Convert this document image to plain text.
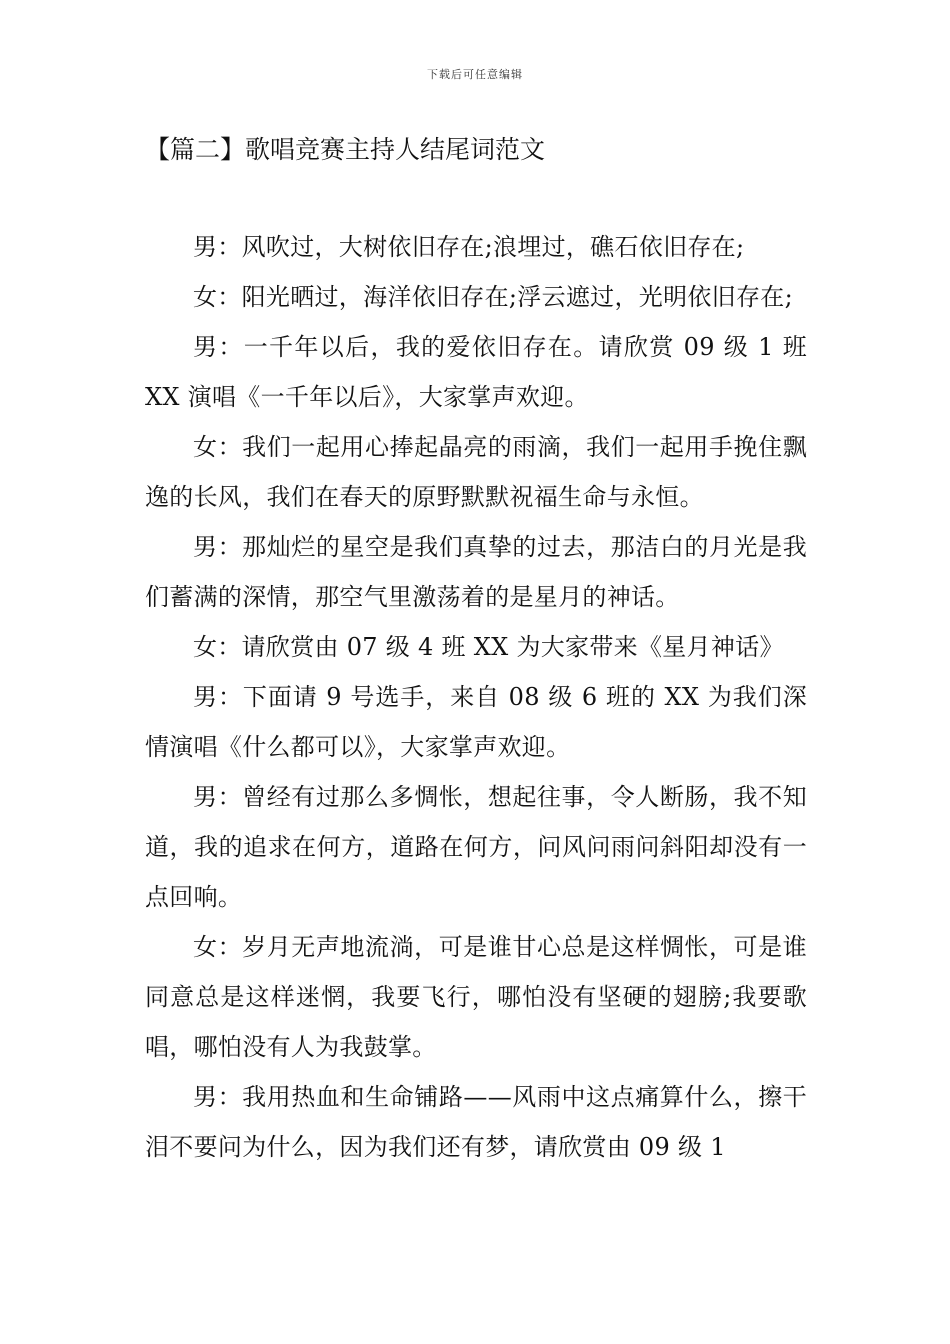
下载后可任意编辑
【篇二】歌唱竞赛主持人结尾词范文

男：风吹过，大树依旧存在;浪埋过，礁石依旧存在;

女：阳光晒过，海洋依旧存在;浮云遮过，光明依旧存在;

男：一千年以后，我的爱依旧存在。请欣赏 09 级 1 班 XX 演唱《一千年以后》，大家掌声欢迎。

女：我们一起用心捧起晶亮的雨滴，我们一起用手挽住飘逸的长风，我们在春天的原野默默祝福生命与永恒。

男：那灿烂的星空是我们真挚的过去，那洁白的月光是我们蓄满的深情，那空气里激荡着的是星月的神话。

女：请欣赏由 07 级 4 班 XX 为大家带来《星月神话》

男：下面请 9 号选手，来自 08 级 6 班的 XX 为我们深情演唱《什么都可以》，大家掌声欢迎。

男：曾经有过那么多惆怅，想起往事，令人断肠，我不知道，我的追求在何方，道路在何方，问风问雨问斜阳却没有一点回响。

女：岁月无声地流淌，可是谁甘心总是这样惆怅，可是谁同意总是这样迷惘，我要飞行，哪怕没有坚硬的翅膀;我要歌唱，哪怕没有人为我鼓掌。

男：我用热血和生命铺路——风雨中这点痛算什么，擦干泪不要问为什么，因为我们还有梦，请欣赏由 09 级 1
